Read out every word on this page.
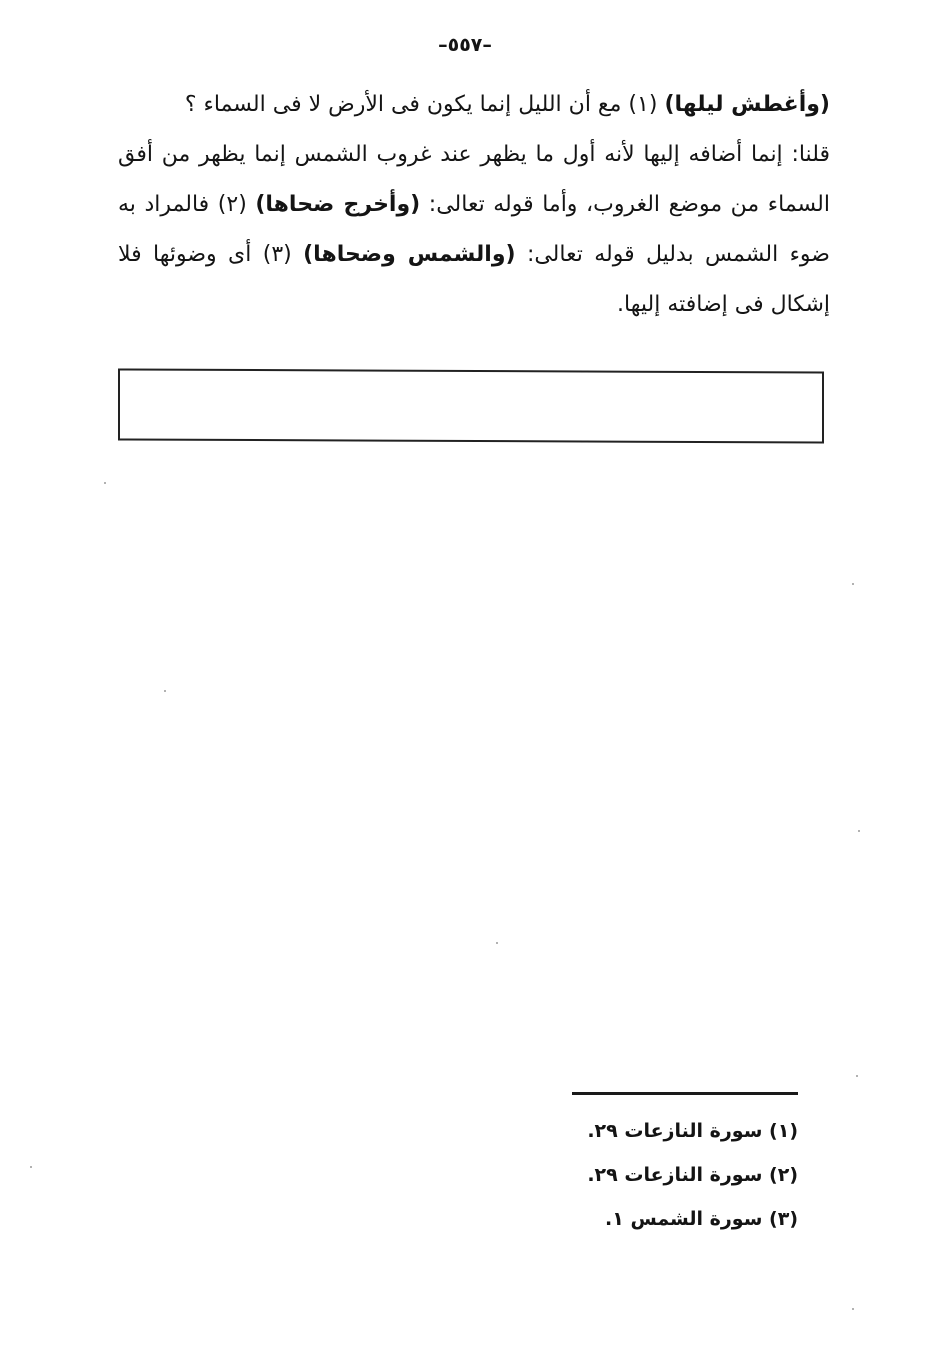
–٥٥٧–

(وأغطش ليلها) (١) مع أن الليل إنما يكون فى الأرض لا فى السماء ؟

قلنا: إنما أضافه إليها لأنه أول ما يظهر عند غروب الشمس إنما يظهر من أفق السماء من موضع الغروب، وأما قوله تعالى: (وأخرج ضحاها) (٢) فالمراد به ضوء الشمس بدليل قوله تعالى: (والشمس وضحاها) (٣) أى وضوئها فلا إشكال فى إضافته إليها.

(١) سورة النازعات ٢٩.
(٢) سورة النازعات ٢٩.
(٣) سورة الشمس ١.
